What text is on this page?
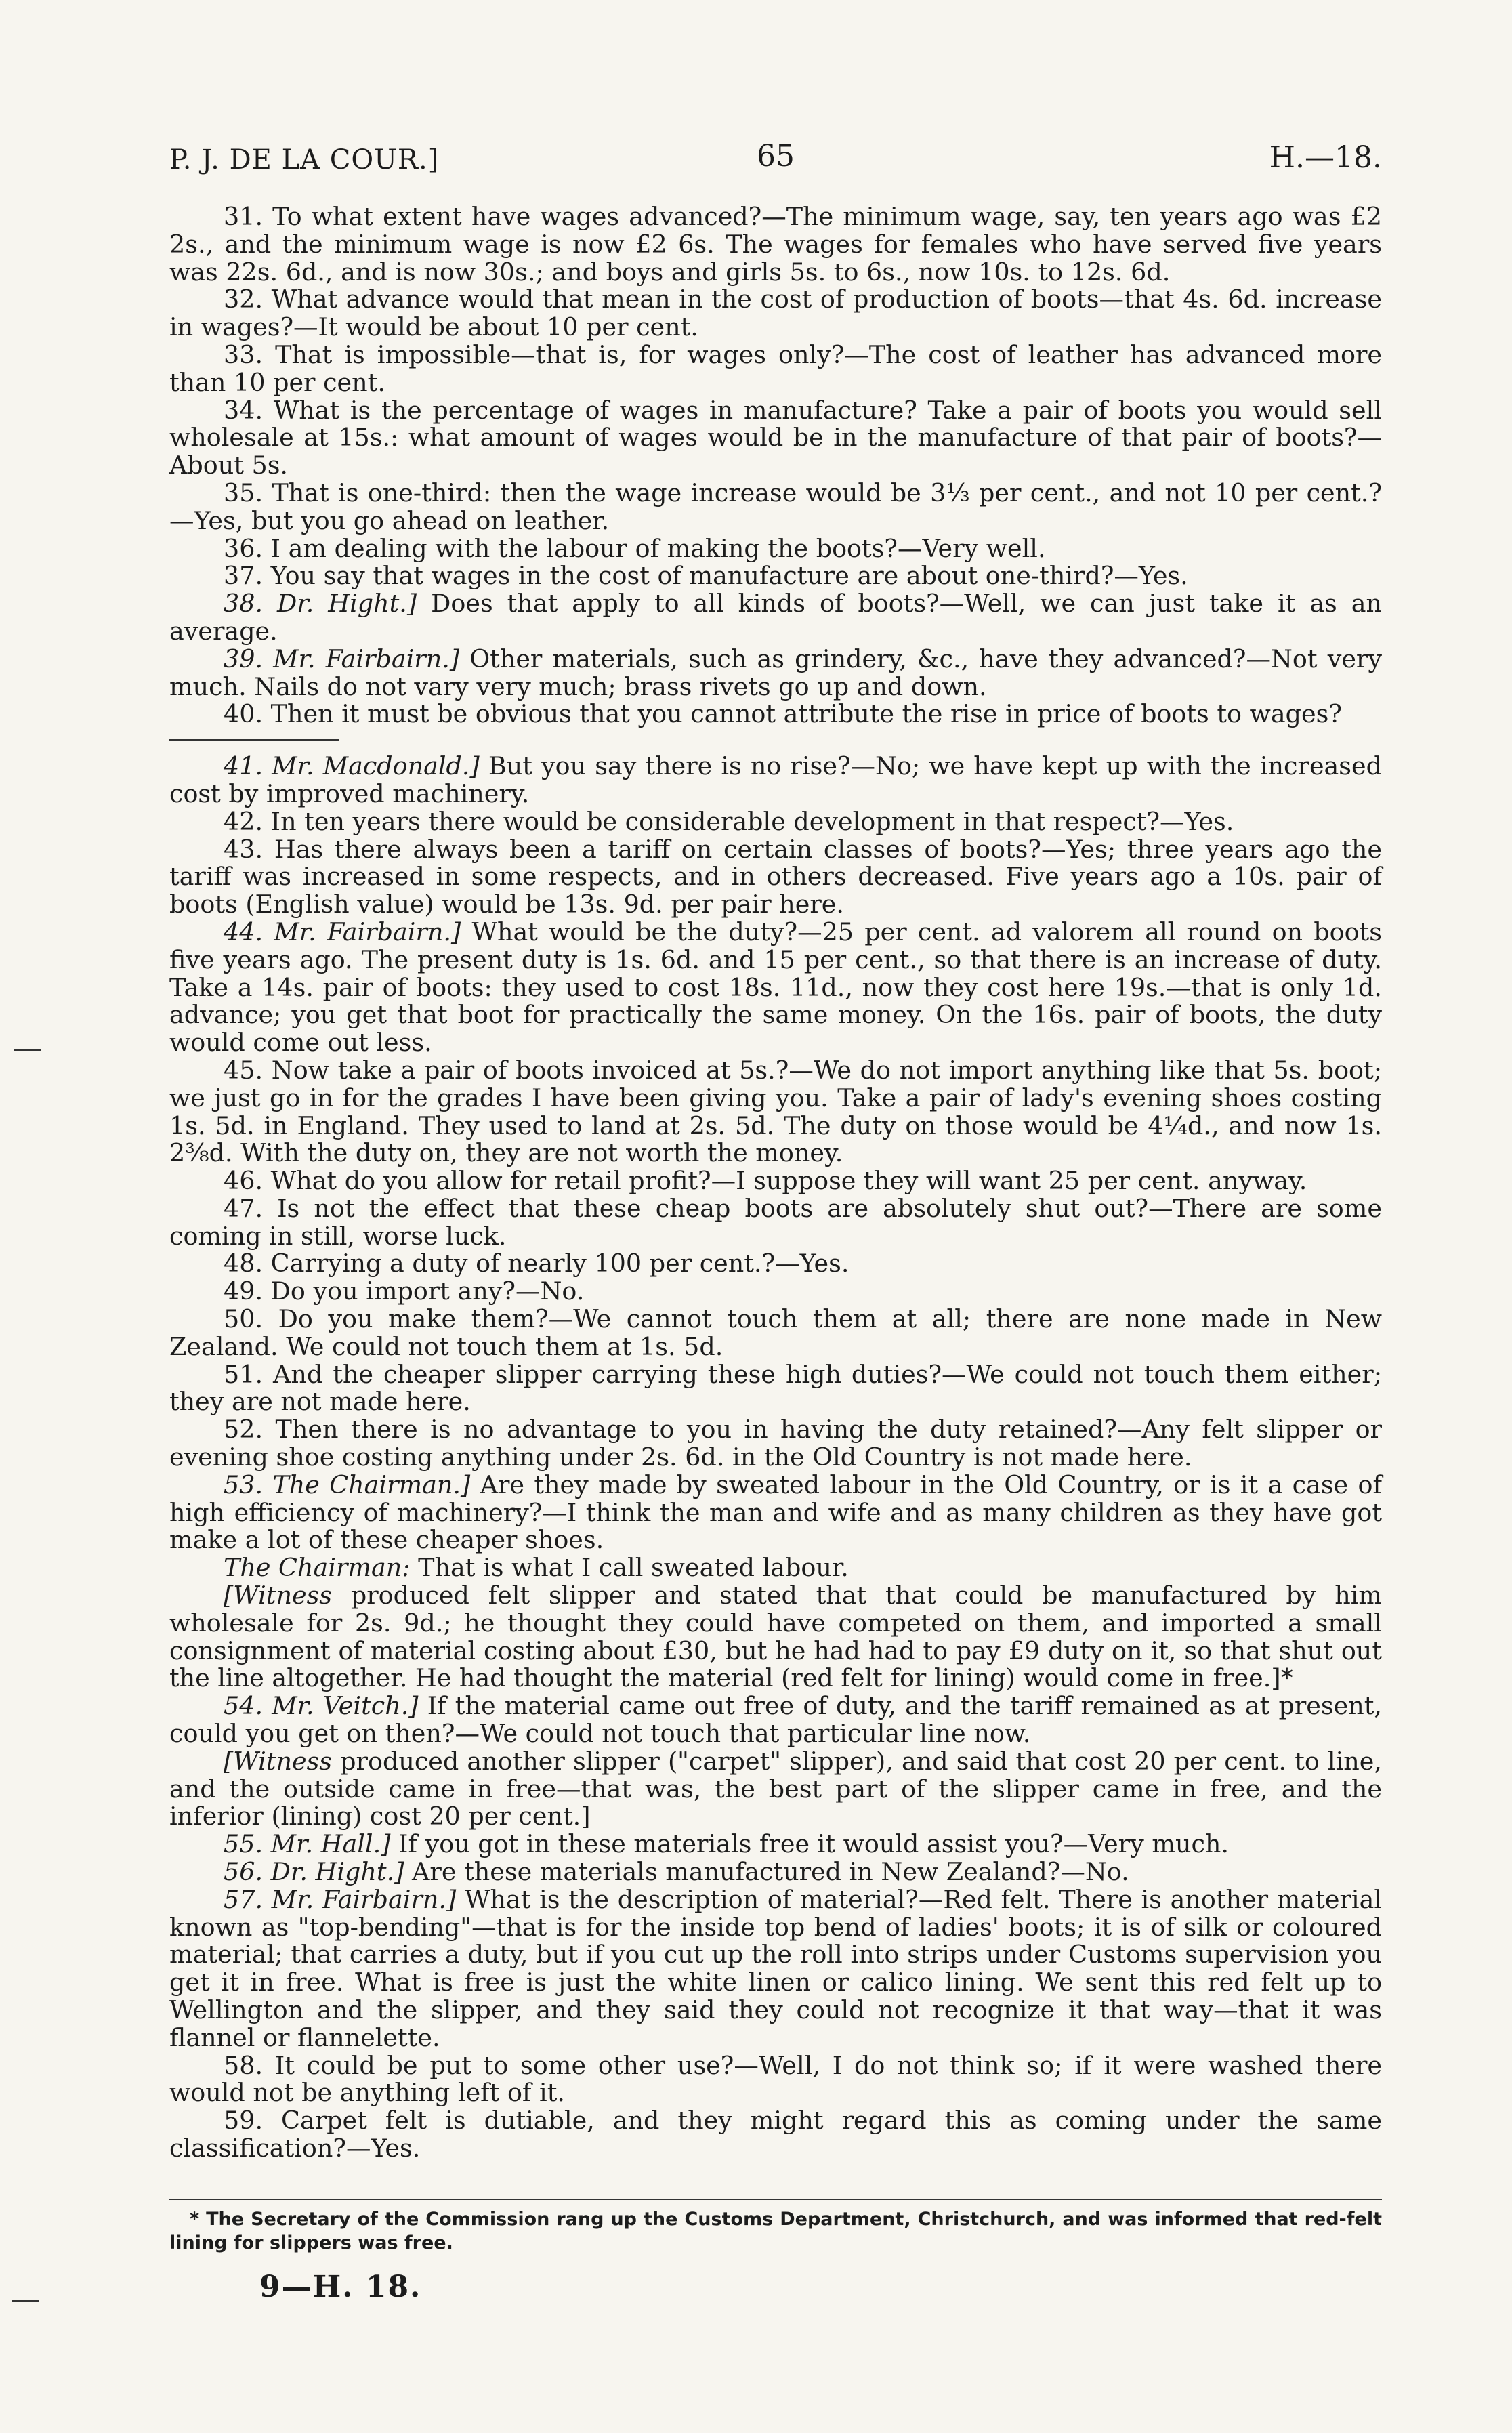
P. J. DE LA COUR.]	65	H.—18.

31. To what extent have wages advanced?—The minimum wage, say, ten years ago was £2 2s., and the minimum wage is now £2 6s. The wages for females who have served five years was 22s. 6d., and is now 30s.; and boys and girls 5s. to 6s., now 10s. to 12s. 6d.

32. What advance would that mean in the cost of production of boots—that 4s. 6d. increase in wages?—It would be about 10 per cent.

33. That is impossible—that is, for wages only?—The cost of leather has advanced more than 10 per cent.

34. What is the percentage of wages in manufacture? Take a pair of boots you would sell wholesale at 15s.: what amount of wages would be in the manufacture of that pair of boots?—About 5s.

35. That is one-third: then the wage increase would be 3⅓ per cent., and not 10 per cent.?—Yes, but you go ahead on leather.

36. I am dealing with the labour of making the boots?—Very well.

37. You say that wages in the cost of manufacture are about one-third?—Yes.

38. Dr. Hight.] Does that apply to all kinds of boots?—Well, we can just take it as an average.

39. Mr. Fairbairn.] Other materials, such as grindery, &c., have they advanced?—Not very much. Nails do not vary very much; brass rivets go up and down.

40. Then it must be obvious that you cannot attribute the rise in price of boots to wages?

41. Mr. Macdonald.] But you say there is no rise?—No; we have kept up with the increased cost by improved machinery.

42. In ten years there would be considerable development in that respect?—Yes.

43. Has there always been a tariff on certain classes of boots?—Yes; three years ago the tariff was increased in some respects, and in others decreased. Five years ago a 10s. pair of boots (English value) would be 13s. 9d. per pair here.

44. Mr. Fairbairn.] What would be the duty?—25 per cent. ad valorem all round on boots five years ago. The present duty is 1s. 6d. and 15 per cent., so that there is an increase of duty. Take a 14s. pair of boots: they used to cost 18s. 11d., now they cost here 19s.—that is only 1d. advance; you get that boot for practically the same money. On the 16s. pair of boots, the duty would come out less.

45. Now take a pair of boots invoiced at 5s.?—We do not import anything like that 5s. boot; we just go in for the grades I have been giving you. Take a pair of lady's evening shoes costing 1s. 5d. in England. They used to land at 2s. 5d. The duty on those would be 4¼d., and now 1s. 2⅜d. With the duty on, they are not worth the money.

46. What do you allow for retail profit?—I suppose they will want 25 per cent. anyway.

47. Is not the effect that these cheap boots are absolutely shut out?—There are some coming in still, worse luck.

48. Carrying a duty of nearly 100 per cent.?—Yes.

49. Do you import any?—No.

50. Do you make them?—We cannot touch them at all; there are none made in New Zealand. We could not touch them at 1s. 5d.

51. And the cheaper slipper carrying these high duties?—We could not touch them either; they are not made here.

52. Then there is no advantage to you in having the duty retained?—Any felt slipper or evening shoe costing anything under 2s. 6d. in the Old Country is not made here.

53. The Chairman.] Are they made by sweated labour in the Old Country, or is it a case of high efficiency of machinery?—I think the man and wife and as many children as they have got make a lot of these cheaper shoes.

The Chairman: That is what I call sweated labour.

[Witness produced felt slipper and stated that that could be manufactured by him wholesale for 2s. 9d.; he thought they could have competed on them, and imported a small consignment of material costing about £30, but he had had to pay £9 duty on it, so that shut out the line altogether. He had thought the material (red felt for lining) would come in free.]*

54. Mr. Veitch.] If the material came out free of duty, and the tariff remained as at present, could you get on then?—We could not touch that particular line now.

[Witness produced another slipper ("carpet" slipper), and said that cost 20 per cent. to line, and the outside came in free—that was, the best part of the slipper came in free, and the inferior (lining) cost 20 per cent.]

55. Mr. Hall.] If you got in these materials free it would assist you?—Very much.

56. Dr. Hight.] Are these materials manufactured in New Zealand?—No.

57. Mr. Fairbairn.] What is the description of material?—Red felt. There is another material known as "top-bending"—that is for the inside top bend of ladies' boots; it is of silk or coloured material; that carries a duty, but if you cut up the roll into strips under Customs supervision you get it in free. What is free is just the white linen or calico lining. We sent this red felt up to Wellington and the slipper, and they said they could not recognize it that way—that it was flannel or flannelette.

58. It could be put to some other use?—Well, I do not think so; if it were washed there would not be anything left of it.

59. Carpet felt is dutiable, and they might regard this as coming under the same classification?—Yes.

* The Secretary of the Commission rang up the Customs Department, Christchurch, and was informed that red-felt lining for slippers was free.
9—H. 18.
